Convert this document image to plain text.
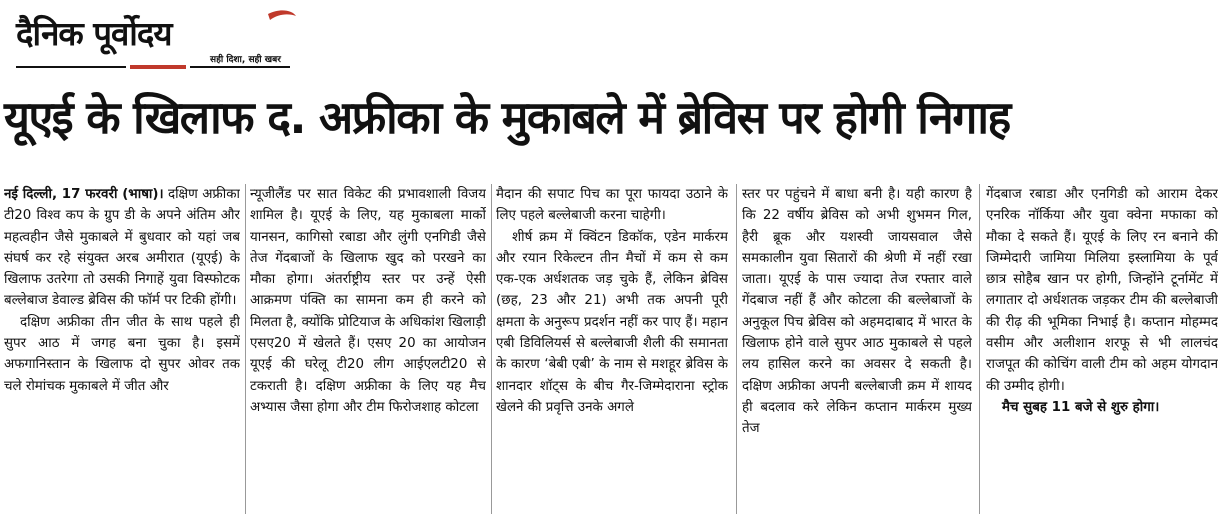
दैनिक पूर्वोदय
सही दिशा, सही खबर
यूएई के खिलाफ द. अफ्रीका के मुकाबले में ब्रेविस पर होगी निगाह

नई दिल्ली, 17 फरवरी (भाषा)। दक्षिण अफ्रीका टी20 विश्व कप के ग्रुप डी के अपने अंतिम और महत्वहीन जैसे मुकाबले में बुधवार को यहां जब संघर्ष कर रहे संयुक्त अरब अमीरात (यूएई) के खिलाफ उतरेगा तो उसकी निगाहें युवा विस्फोटक बल्लेबाज डेवाल्ड ब्रेविस की फॉर्म पर टिकी होंगी।

दक्षिण अफ्रीका तीन जीत के साथ पहले ही सुपर आठ में जगह बना चुका है। इसमें अफगानिस्तान के खिलाफ दो सुपर ओवर तक चले रोमांचक मुकाबले में जीत और

न्यूजीलैंड पर सात विकेट की प्रभावशाली विजय शामिल है। यूएई के लिए, यह मुकाबला मार्को यानसन, कागिसो रबाडा और लुंगी एनगिडी जैसे तेज गेंदबाजों के खिलाफ खुद को परखने का मौका होगा। अंतर्राष्ट्रीय स्तर पर उन्हें ऐसी आक्रमण पंक्ति का सामना कम ही करने को मिलता है, क्योंकि प्रोटियाज के अधिकांश खिलाड़ी एसए20 में खेलते हैं। एसए 20 का आयोजन यूएई की घरेलू टी20 लीग आईएलटी20 से टकराती है। दक्षिण अफ्रीका के लिए यह मैच अभ्यास जैसा होगा और टीम फिरोजशाह कोटला

मैदान की सपाट पिच का पूरा फायदा उठाने के लिए पहले बल्लेबाजी करना चाहेगी।

शीर्ष क्रम में क्विंटन डिकॉक, एडेन मार्करम और रयान रिकेल्टन तीन मैचों में कम से कम एक-एक अर्धशतक जड़ चुके हैं, लेकिन ब्रेविस (छह, 23 और 21) अभी तक अपनी पूरी क्षमता के अनुरूप प्रदर्शन नहीं कर पाए हैं। महान एबी डिविलियर्स से बल्लेबाजी शैली की समानता के कारण ‘बेबी एबी’ के नाम से मशहूर ब्रेविस के शानदार शॉट्स के बीच गैर-जिम्मेदाराना स्ट्रोक खेलने की प्रवृत्ति उनके अगले

स्तर पर पहुंचने में बाधा बनी है। यही कारण है कि 22 वर्षीय ब्रेविस को अभी शुभमन गिल, हैरी ब्रूक और यशस्वी जायसवाल जैसे समकालीन युवा सितारों की श्रेणी में नहीं रखा जाता। यूएई के पास ज्यादा तेज रफ्तार वाले गेंदबाज नहीं हैं और कोटला की बल्लेबाजों के अनुकूल पिच ब्रेविस को अहमदाबाद में भारत के खिलाफ होने वाले सुपर आठ मुकाबले से पहले लय हासिल करने का अवसर दे सकती है। दक्षिण अफ्रीका अपनी बल्लेबाजी क्रम में शायद ही बदलाव करे लेकिन कप्तान मार्करम मुख्य तेज

गेंदबाज रबाडा और एनगिडी को आराम देकर एनरिक नॉर्किया और युवा क्वेना मफाका को मौका दे सकते हैं। यूएई के लिए रन बनाने की जिम्मेदारी जामिया मिलिया इस्लामिया के पूर्व छात्र सोहैब खान पर होगी, जिन्होंने टूर्नामेंट में लगातार दो अर्धशतक जड़कर टीम की बल्लेबाजी की रीढ़ की भूमिका निभाई है। कप्तान मोहम्मद वसीम और अलीशान शरफू से भी लालचंद राजपूत की कोचिंग वाली टीम को अहम योगदान की उम्मीद होगी।

मैच सुबह 11 बजे से शुरु होगा।
